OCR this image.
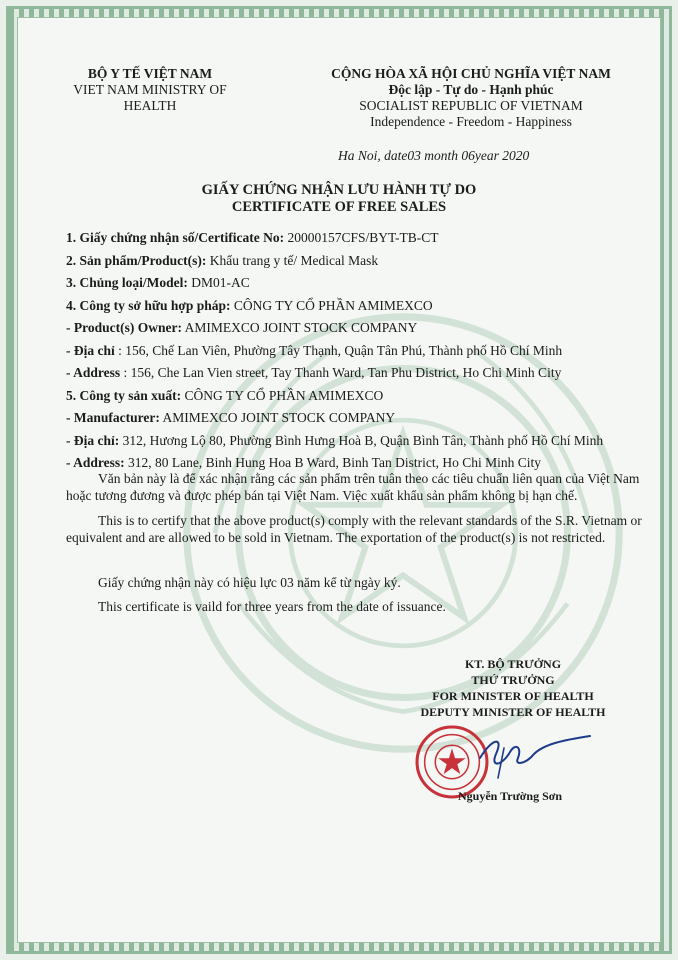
BỘ Y TẾ VIỆT NAM
VIET NAM MINISTRY OF
HEALTH
CỘNG HÒA XÃ HỘI CHỦ NGHĨA VIỆT NAM
Độc lập - Tự do - Hạnh phúc
SOCIALIST REPUBLIC OF VIETNAM
Independence - Freedom - Happiness
Ha Noi, date03 month 06year 2020
GIẤY CHỨNG NHẬN LƯU HÀNH TỰ DO
CERTIFICATE OF FREE SALES
1. Giấy chứng nhận số/Certificate No: 20000157CFS/BYT-TB-CT
2. Sản phẩm/Product(s): Khẩu trang y tế/ Medical Mask
3. Chủng loại/Model: DM01-AC
4. Công ty sở hữu hợp pháp: CÔNG TY CỔ PHẦN AMIMEXCO
- Product(s) Owner: AMIMEXCO JOINT STOCK COMPANY
- Địa chỉ : 156, Chế Lan Viên, Phường Tây Thạnh, Quận Tân Phú, Thành phố Hồ Chí Minh
- Address : 156, Che Lan Vien street, Tay Thanh Ward, Tan Phu District, Ho Chi Minh City
5. Công ty sản xuất: CÔNG TY CỔ PHẦN AMIMEXCO
- Manufacturer: AMIMEXCO JOINT STOCK COMPANY
- Địa chỉ: 312, Hương Lộ 80, Phường Bình Hưng Hoà B, Quận Bình Tân, Thành phố Hồ Chí Minh
- Address: 312, 80 Lane, Binh Hung Hoa B Ward, Binh Tan District, Ho Chi Minh City
Văn bản này là để xác nhận rằng các sản phẩm trên tuân theo các tiêu chuẩn liên quan của Việt Nam hoặc tương đương và được phép bán tại Việt Nam. Việc xuất khẩu sản phẩm không bị hạn chế.
This is to certify that the above product(s) comply with the relevant standards of the S.R. Vietnam or equivalent and are allowed to be sold in Vietnam. The exportation of the product(s) is not restricted.
Giấy chứng nhận này có hiệu lực 03 năm kể từ ngày ký.
This certificate is vaild for three years from the date of issuance.
KT. BỘ TRƯỞNG
THỨ TRƯỞNG
FOR MINISTER OF HEALTH
DEPUTY MINISTER OF HEALTH
Nguyễn Trường Sơn
